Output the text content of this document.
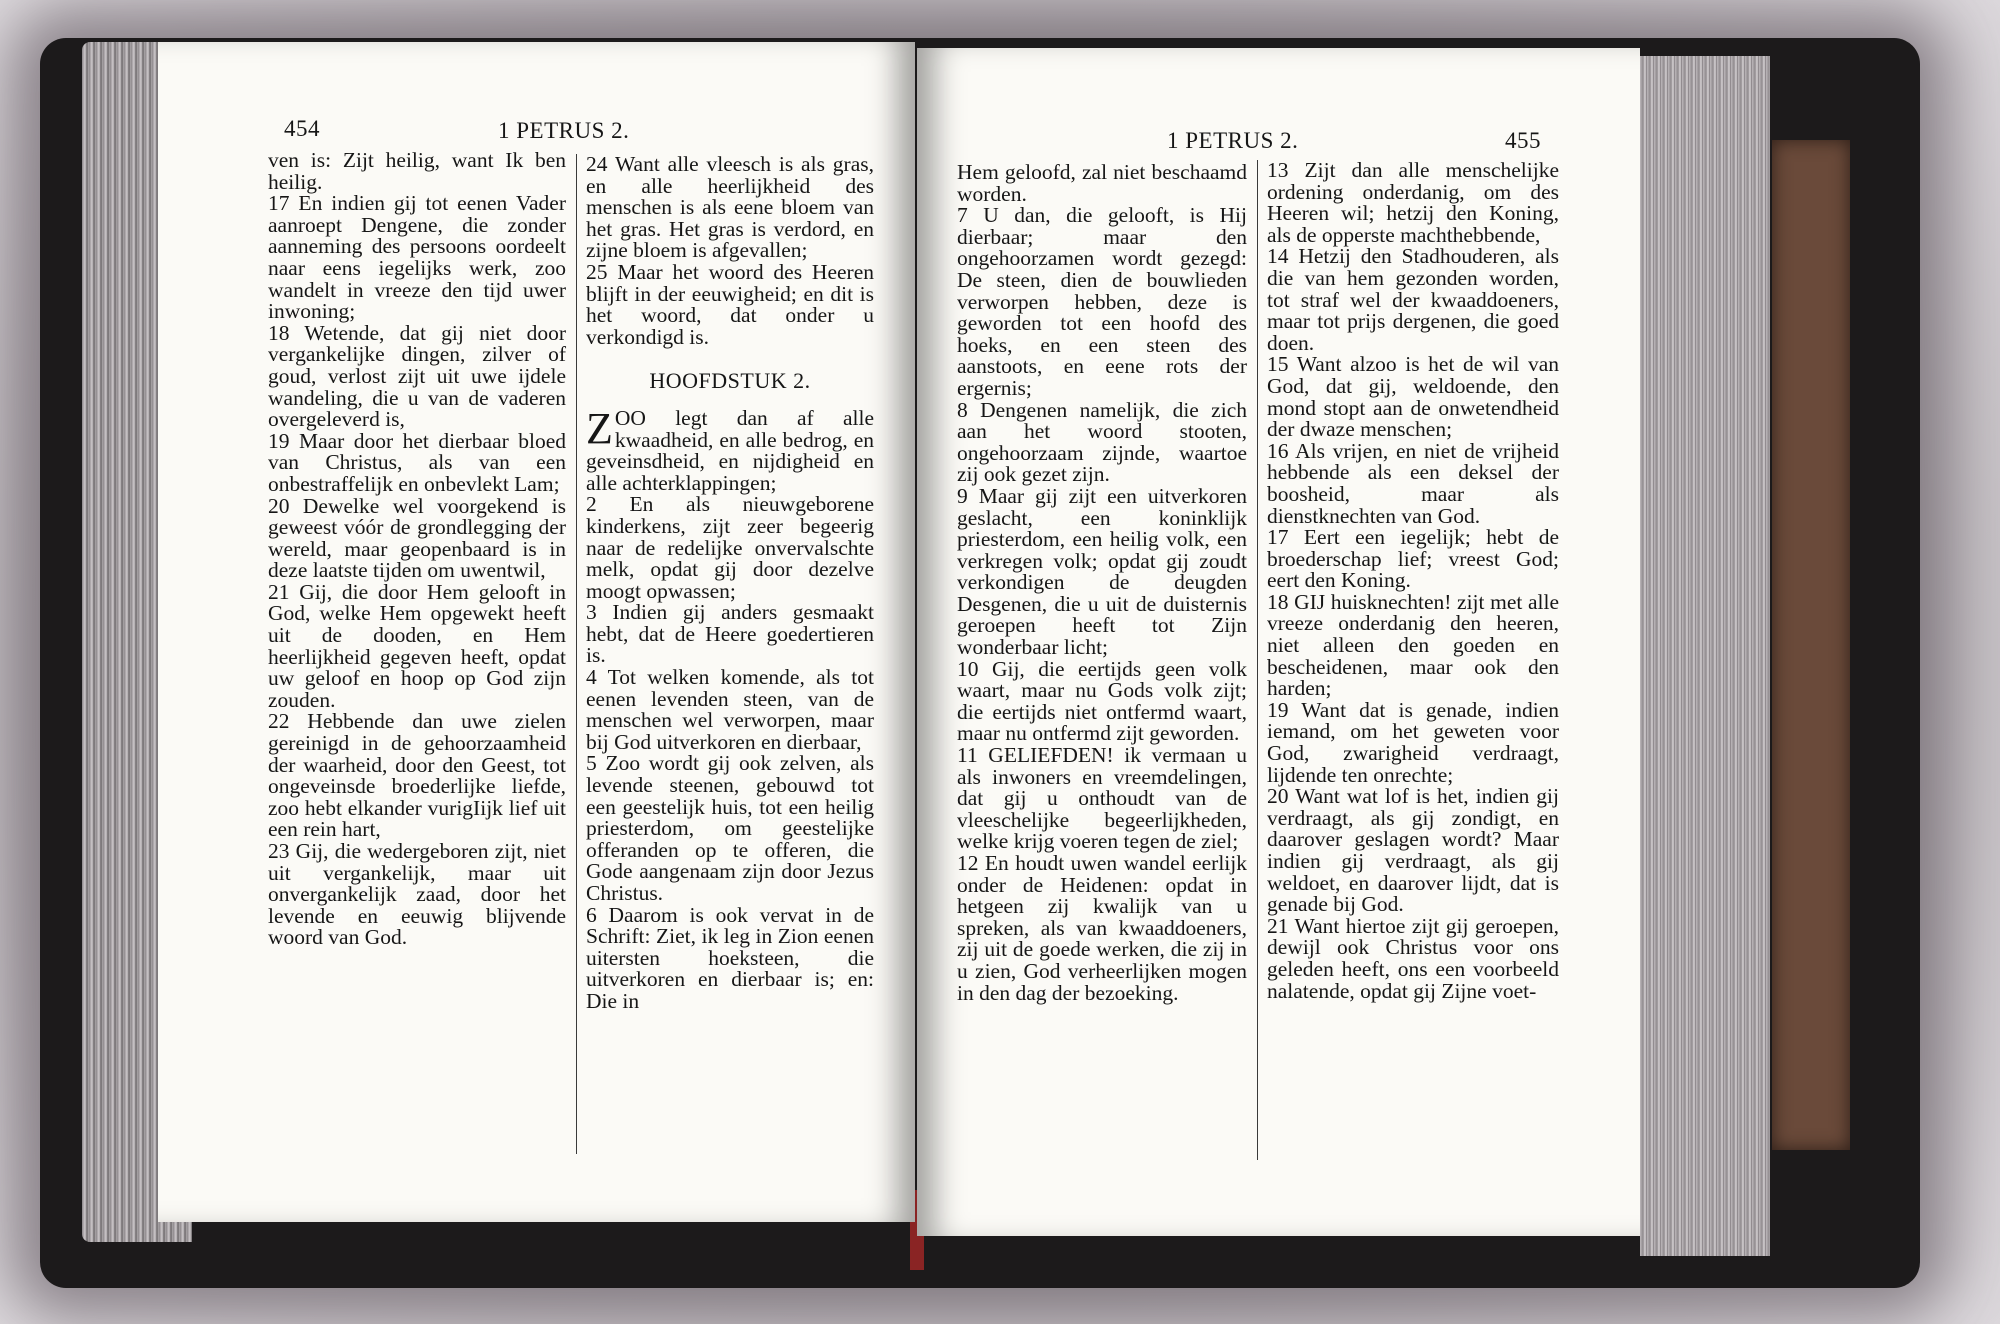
454	1 PETRUS 2.

ven is: Zijt heilig, want Ik ben heilig.

17 En indien gij tot eenen Vader aanroept Dengene, die zonder aanneming des persoons oordeelt naar eens iegelijks werk, zoo wandelt in vreeze den tijd uwer inwoning;

18 Wetende, dat gij niet door vergankelijke dingen, zilver of goud, verlost zijt uit uwe ijdele wandeling, die u van de vaderen overgeleverd is,

19 Maar door het dierbaar bloed van Christus, als van een onbestraffelijk en onbevlekt Lam;

20 Dewelke wel voorgekend is geweest vóór de grondlegging der wereld, maar geopenbaard is in deze laatste tijden om uwentwil,

21 Gij, die door Hem gelooft in God, welke Hem opgewekt heeft uit de dooden, en Hem heerlijkheid gegeven heeft, opdat uw geloof en hoop op God zijn zouden.

22 Hebbende dan uwe zielen gereinigd in de gehoorzaamheid der waarheid, door den Geest, tot ongeveinsde broederlijke liefde, zoo hebt elkander vurigIijk lief uit een rein hart,

23 Gij, die wedergeboren zijt, niet uit vergankelijk, maar uit onvergankelijk zaad, door het levende en eeuwig blijvende woord van God.

24 Want alle vleesch is als gras, en alle heerlijkheid des menschen is als eene bloem van het gras. Het gras is verdord, en zijne bloem is afgevallen;

25 Maar het woord des Heeren blijft in der eeuwigheid; en dit is het woord, dat onder u verkondigd is.

HOOFDSTUK 2.

ZOO legt dan af alle kwaadheid, en alle bedrog, en geveinsdheid, en nijdigheid en alle achterklappingen;

2 En als nieuwgeborene kinderkens, zijt zeer begeerig naar de redelijke onvervalschte melk, opdat gij door dezelve moogt opwassen;

3 Indien gij anders gesmaakt hebt, dat de Heere goedertieren is.

4 Tot welken komende, als tot eenen levenden steen, van de menschen wel verworpen, maar bij God uitverkoren en dierbaar,

5 Zoo wordt gij ook zelven, als levende steenen, gebouwd tot een geestelijk huis, tot een heilig priesterdom, om geestelijke offeranden op te offeren, die Gode aangenaam zijn door Jezus Christus.

6 Daarom is ook vervat in de Schrift: Ziet, ik leg in Zion eenen uitersten hoeksteen, die uitverkoren en dierbaar is; en: Die in

1 PETRUS 2.	455

Hem geloofd, zal niet beschaamd worden.

7 U dan, die gelooft, is Hij dierbaar; maar den ongehoorzamen wordt gezegd: De steen, dien de bouwlieden verworpen hebben, deze is geworden tot een hoofd des hoeks, en een steen des aanstoots, en eene rots der ergernis;

8 Dengenen namelijk, die zich aan het woord stooten, ongehoorzaam zijnde, waartoe zij ook gezet zijn.

9 Maar gij zijt een uitverkoren geslacht, een koninklijk priesterdom, een heilig volk, een verkregen volk; opdat gij zoudt verkondigen de deugden Desgenen, die u uit de duisternis geroepen heeft tot Zijn wonderbaar licht;

10 Gij, die eertijds geen volk waart, maar nu Gods volk zijt; die eertijds niet ontfermd waart, maar nu ontfermd zijt geworden.

11 GELIEFDEN! ik vermaan u als inwoners en vreemdelingen, dat gij u onthoudt van de vleeschelijke begeerlijkheden, welke krijg voeren tegen de ziel;

12 En houdt uwen wandel eerlijk onder de Heidenen: opdat in hetgeen zij kwalijk van u spreken, als van kwaaddoeners, zij uit de goede werken, die zij in u zien, God verheerlijken mogen in den dag der bezoeking.

13 Zijt dan alle menschelijke ordening onderdanig, om des Heeren wil; hetzij den Koning, als de opperste machthebbende,

14 Hetzij den Stadhouderen, als die van hem gezonden worden, tot straf wel der kwaaddoeners, maar tot prijs dergenen, die goed doen.

15 Want alzoo is het de wil van God, dat gij, weldoende, den mond stopt aan de onwetendheid der dwaze menschen;

16 Als vrijen, en niet de vrijheid hebbende als een deksel der boosheid, maar als dienstknechten van God.

17 Eert een iegelijk; hebt de broederschap lief; vreest God; eert den Koning.

18 GIJ huisknechten! zijt met alle vreeze onderdanig den heeren, niet alleen den goeden en bescheidenen, maar ook den harden;

19 Want dat is genade, indien iemand, om het geweten voor God, zwarigheid verdraagt, lijdende ten onrechte;

20 Want wat lof is het, indien gij verdraagt, als gij zondigt, en daarover geslagen wordt? Maar indien gij verdraagt, als gij weldoet, en daarover lijdt, dat is genade bij God.

21 Want hiertoe zijt gij geroepen, dewijl ook Christus voor ons geleden heeft, ons een voorbeeld nalatende, opdat gij Zijne voet-
